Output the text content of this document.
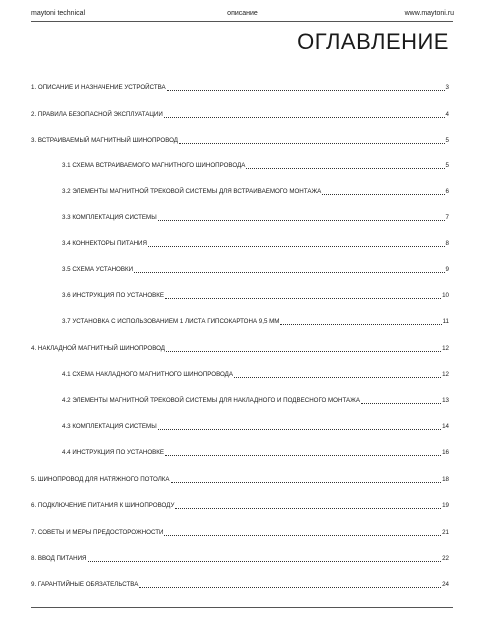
maytoni technical	описание	www.maytoni.ru
ОГЛАВЛЕНИЕ
1. ОПИСАНИЕ И НАЗНАЧЕНИЕ УСТРОЙСТВА	3
2. ПРАВИЛА БЕЗОПАСНОЙ ЭКСПЛУАТАЦИИ	4
3. ВСТРАИВАЕМЫЙ МАГНИТНЫЙ ШИНОПРОВОД	5
3.1 СХЕМА ВСТРАИВАЕМОГО МАГНИТНОГО ШИНОПРОВОДА	5
3.2 ЭЛЕМЕНТЫ МАГНИТНОЙ ТРЕКОВОЙ СИСТЕМЫ ДЛЯ ВСТРАИВАЕМОГО МОНТАЖА	6
3.3 КОМПЛЕКТАЦИЯ СИСТЕМЫ	7
3.4 КОННЕКТОРЫ ПИТАНИЯ	8
3.5 СХЕМА УСТАНОВКИ	9
3.6 ИНСТРУКЦИЯ ПО УСТАНОВКЕ	10
3.7 УСТАНОВКА С ИСПОЛЬЗОВАНИЕМ 1 ЛИСТА ГИПСОКАРТОНА 9,5 ММ	11
4. НАКЛАДНОЙ МАГНИТНЫЙ ШИНОПРОВОД	12
4.1 СХЕМА НАКЛАДНОГО МАГНИТНОГО ШИНОПРОВОДА	12
4.2 ЭЛЕМЕНТЫ МАГНИТНОЙ ТРЕКОВОЙ СИСТЕМЫ ДЛЯ НАКЛАДНОГО И ПОДВЕСНОГО МОНТАЖА	13
4.3 КОМПЛЕКТАЦИЯ СИСТЕМЫ	14
4.4 ИНСТРУКЦИЯ ПО УСТАНОВКЕ	16
5. ШИНОПРОВОД ДЛЯ НАТЯЖНОГО ПОТОЛКА	18
6. ПОДКЛЮЧЕНИЕ ПИТАНИЯ К ШИНОПРОВОДУ	19
7. СОВЕТЫ И МЕРЫ ПРЕДОСТОРОЖНОСТИ	21
8. ВВОД ПИТАНИЯ	22
9. ГАРАНТИЙНЫЕ ОБЯЗАТЕЛЬСТВА	24
